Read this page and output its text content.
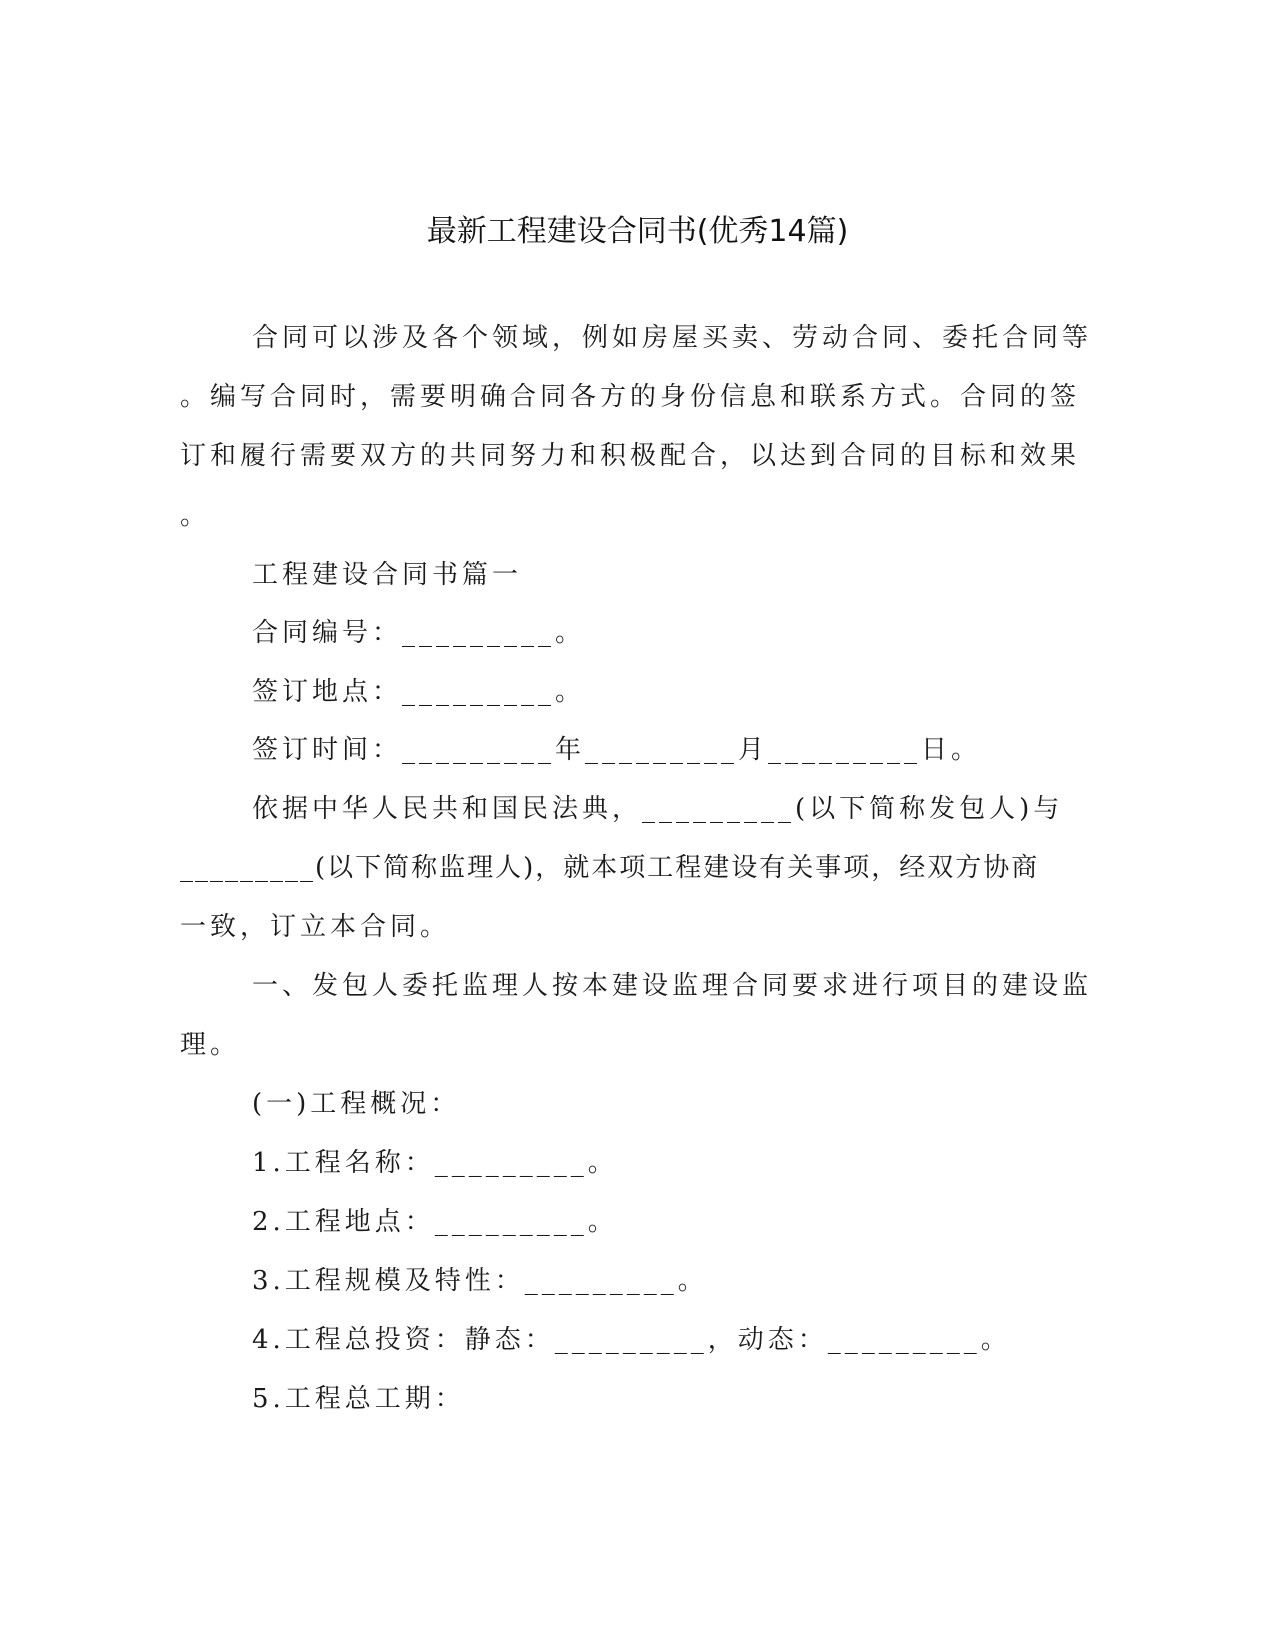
最新工程建设合同书(优秀14篇)
合同可以涉及各个领域，例如房屋买卖、劳动合同、委托合同等
。编写合同时，需要明确合同各方的身份信息和联系方式。合同的签
订和履行需要双方的共同努力和积极配合，以达到合同的目标和效果
。
工程建设合同书篇一
合同编号：_________。
签订地点：_________。
签订时间：_________年_________月_________日。
依据中华人民共和国民法典，_________(以下简称发包人)与
_________(以下简称监理人)，就本项工程建设有关事项，经双方协商
一致，订立本合同。
一、发包人委托监理人按本建设监理合同要求进行项目的建设监
理。
(一)工程概况：
1.工程名称：_________。
2.工程地点：_________。
3.工程规模及特性：_________。
4.工程总投资：静态：_________，动态：_________。
5.工程总工期：
